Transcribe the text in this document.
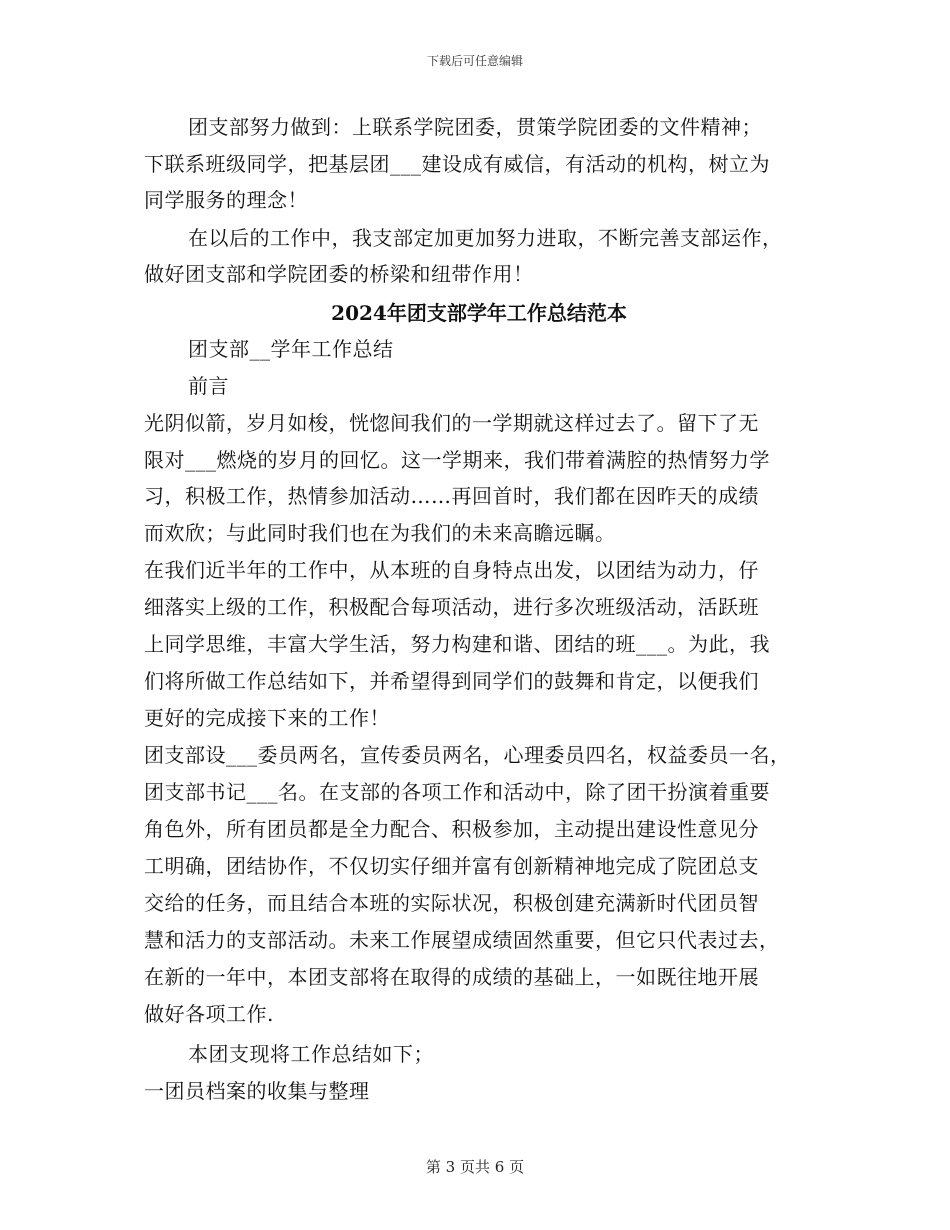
下载后可任意编辑
团支部努力做到：上联系学院团委，贯策学院团委的文件精神；
下联系班级同学，把基层团___建设成有威信，有活动的机构，树立为
同学服务的理念！
在以后的工作中，我支部定加更加努力进取，不断完善支部运作，
做好团支部和学院团委的桥梁和纽带作用！
2024年团支部学年工作总结范本
团支部__学年工作总结
前言
光阴似箭，岁月如梭，恍惚间我们的一学期就这样过去了。留下了无
限对___燃烧的岁月的回忆。这一学期来，我们带着满腔的热情努力学
习，积极工作，热情参加活动……再回首时，我们都在因昨天的成绩
而欢欣；与此同时我们也在为我们的未来高瞻远瞩。
在我们近半年的工作中，从本班的自身特点出发，以团结为动力，仔
细落实上级的工作，积极配合每项活动，进行多次班级活动，活跃班
上同学思维，丰富大学生活，努力构建和谐、团结的班___。为此，我
们将所做工作总结如下，并希望得到同学们的鼓舞和肯定，以便我们
更好的完成接下来的工作！
团支部设___委员两名，宣传委员两名，心理委员四名，权益委员一名，
团支部书记___名。在支部的各项工作和活动中，除了团干扮演着重要
角色外，所有团员都是全力配合、积极参加，主动提出建设性意见分
工明确，团结协作，不仅切实仔细并富有创新精神地完成了院团总支
交给的任务，而且结合本班的实际状况，积极创建充满新时代团员智
慧和活力的支部活动。未来工作展望成绩固然重要，但它只代表过去，
在新的一年中，本团支部将在取得的成绩的基础上，一如既往地开展
做好各项工作.
本团支现将工作总结如下；
一团员档案的收集与整理
第 3 页共 6 页
